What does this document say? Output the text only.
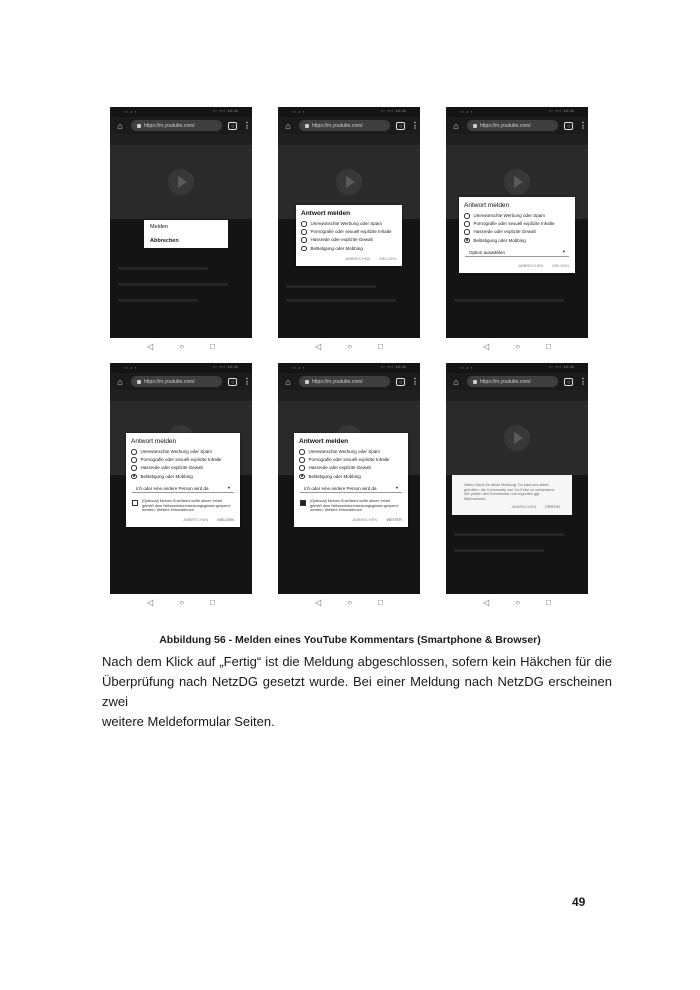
▪▪ ◂ ▪	▪▪ ▪▪▪ 14:41
⌂	https://m.youtube.com/	:)	⋮
Melden
Abbrechen
◁	○	□
▪▪ ◂ ▪	▪▪ ▪▪▪ 14:41
⌂	https://m.youtube.com/	:)	⋮
Antwort melden
Unerwünschte Werbung oder Spam
Pornografie oder sexuell explizite Inhalte
Hassrede oder explizite Gewalt
Belästigung oder Mobbing
ABBRECHEN MELDEN
◁	○	□
▪▪ ◂ ▪	▪▪ ▪▪▪ 14:41
⌂	https://m.youtube.com/	:)	⋮
Antwort melden
Unerwünschte Werbung oder Spam
Pornografie oder sexuell explizite Inhalte
Hassrede oder explizite Gewalt
Belästigung oder Mobbing
Option auswählen	▾
ABBRECHEN MELDEN
◁	○	□
▪▪ ◂ ▪	▪▪ ▪▪▪ 14:41
⌂	https://m.youtube.com/	:)	⋮
Antwort melden
Unerwünschte Werbung oder Spam
Pornografie oder sexuell explizite Inhalte
Hassrede oder explizite Gewalt
Belästigung oder Mobbing
Ich oder eine andere Person wird da	▾
(Optional) Meines Erachtens sollte dieser Inhalt gemäß dem Netzwerkdurchsetzungsgesetz gesperrt werden. Weitere Informationen
ABBRECHEN MELDEN
◁	○	□
▪▪ ◂ ▪	▪▪ ▪▪▪ 14:41
⌂	https://m.youtube.com/	:)	⋮
Antwort melden
Unerwünschte Werbung oder Spam
Pornografie oder sexuell explizite Inhalte
Hassrede oder explizite Gewalt
Belästigung oder Mobbing
Ich oder eine andere Person wird da	▾
(Optional) Meines Erachtens sollte dieser Inhalt gemäß dem Netzwerkdurchsetzungsgesetz gesperrt werden. Weitere Informationen
ABBRECHEN WEITER
◁	○	□
▪▪ ◂ ▪	▪▪ ▪▪▪ 14:41
⌂	https://m.youtube.com/	:)	⋮
Vielen Dank für deine Meldung. Du hast uns dabei geholfen, die Community von YouTube zu verbessern. Wir prüfen den Kommentar und ergreifen ggf. Maßnahmen.
ABBRECHEN FERTIG
◁	○	□
Abbildung 56 - Melden eines YouTube Kommentars (Smartphone & Browser)
Nach dem Klick auf „Fertig“ ist die Meldung abgeschlossen, sofern kein Häkchen für die
Überprüfung nach NetzDG gesetzt wurde. Bei einer Meldung nach NetzDG erscheinen zwei
weitere Meldeformular Seiten.
49
